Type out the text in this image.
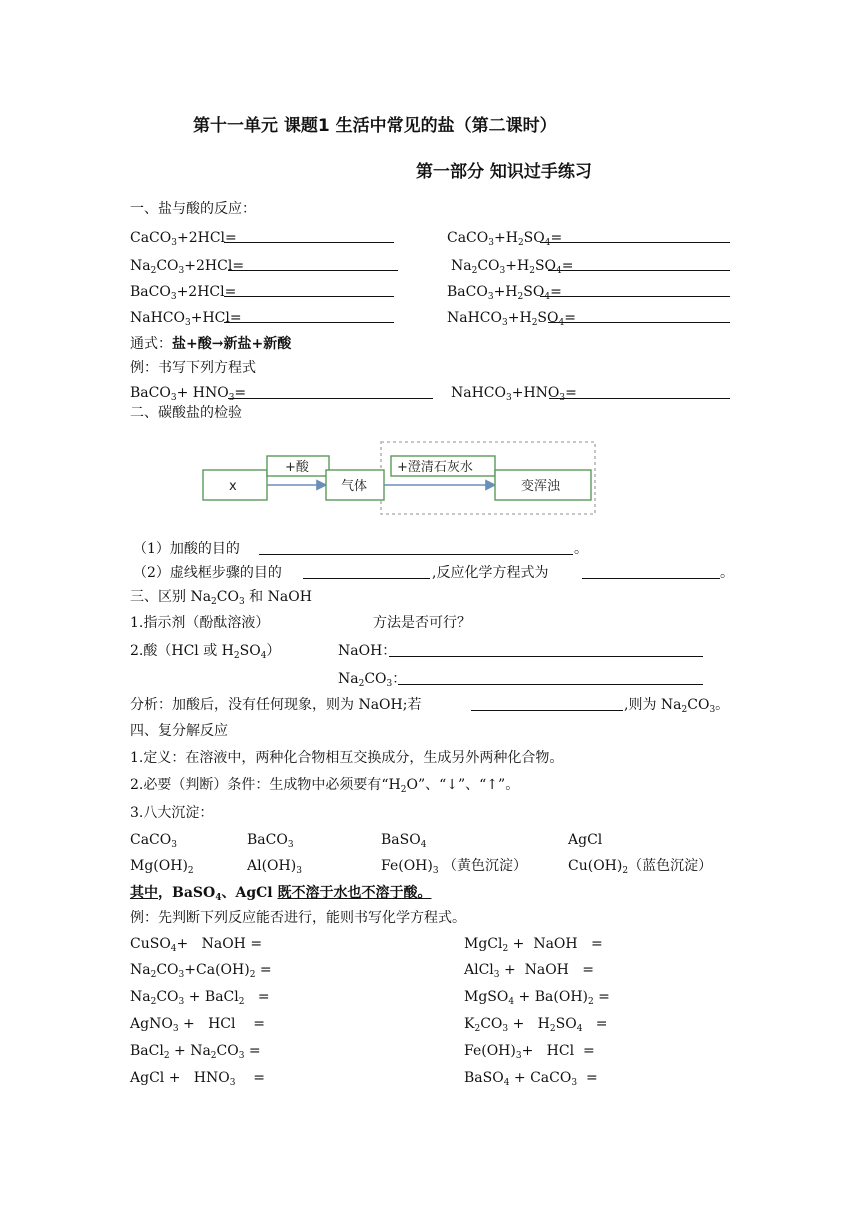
第十一单元 课题1 生活中常见的盐（第二课时）
第一部分 知识过手练习
一、盐与酸的反应：
CaCO$_3$+2HCl=	$CaCO_3+H_2SO_4=$
$Na_2CO_3+2HCl=$	$Na_2CO_3+H_2SO_4=$
BaCO$_3$+2HCl=	$BaCO_3+H_2SO_4=$
NaHCO$_3$+HCl=	$NaHCO_3+H_2SO_4=$
通式：盐+酸→新盐+新酸
例：书写下列方程式
BaCO$_3$+ $HNO_3=$	$NaHCO_3+HNO_3=$
二、碳酸盐的检验
x
+酸
气体
+澄清石灰水
变浑浊
（1）加酸的目的	。
（2）虚线框步骤的目的	,反应化学方程式为	。
三、区别 $Na_2CO_3$ 和 NaOH
1.指示剂（酚酞溶液）	方法是否可行？
2.酸（HCl 或 $H_2SO_4$）	NaOH：
$Na_2CO_3$：
分析：加酸后，没有任何现象，则为 NaOH;若	,则为 $Na_2CO_3$。
四、复分解反应
1.定义：在溶液中，两种化合物相互交换成分，生成另外两种化合物。
2.必要（判断）条件：生成物中必须要有“$H_2O$”、“↓”、“↑”。
3.八大沉淀：
CaCO$_3$	BaCO$_3$	BaSO$_4$	AgCl
$Mg(OH)_2$	$Al(OH)_3$	$Fe(OH)_3$ （黄色沉淀）	$Cu(OH)_2$（蓝色沉淀）
其中，BaSO$_4$、AgCl 既不溶于水也不溶于酸。
例：先判断下列反应能否进行，能则书写化学方程式。
CuSO$_4$+   NaOH =	MgCl$_2$ +  NaOH   =
$Na_2CO_3+Ca(OH)_2$ =	AlCl$_3$ +  NaOH   =
$Na_2CO_3$ + BaCl$_2$   =	MgSO$_4$ + $Ba(OH)_2$ =
AgNO$_3$ +   HCl    =	$K_2CO_3 + H_2SO_4$   =
BaCl$_2$ + $Na_2CO_3$ =	$Fe(OH)_3+$   HCl  =
AgCl +   $HNO_3$    =	BaSO$_4$ + CaCO$_3$  =
